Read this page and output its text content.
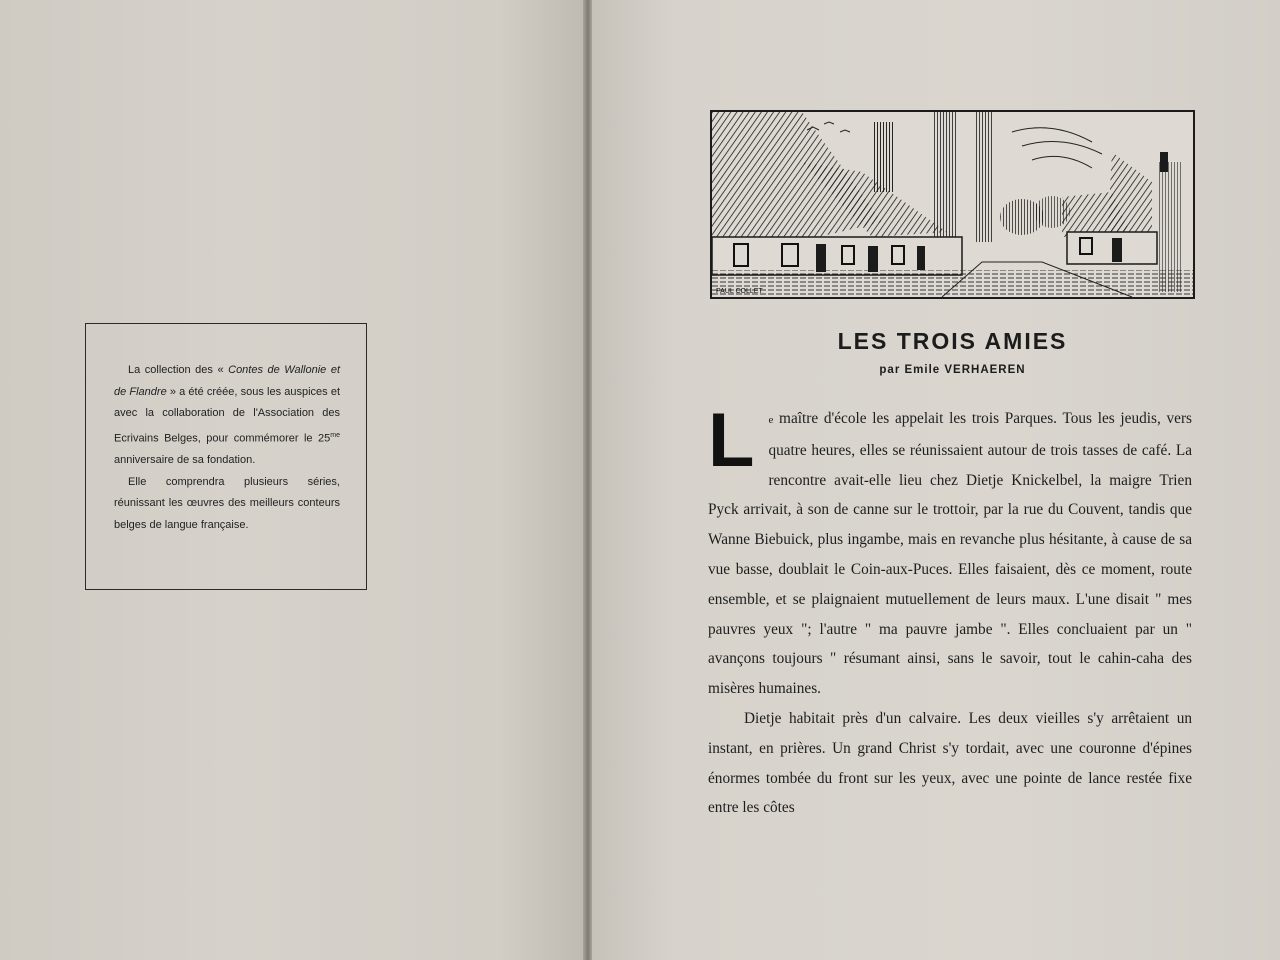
La collection des « Contes de Wallonie et de Flandre » a été créée, sous les auspices et avec la collaboration de l'Association des Ecrivains Belges, pour commémorer le $25^{me}$ anniversaire de sa fondation.

Elle comprendra plusieurs séries, réunissant les œuvres des meilleurs conteurs belges de langue française.

PAUL COLLET
LES TROIS AMIES
par Emile VERHAEREN

L e maître d'école les appelait les trois Parques. Tous les jeudis, vers quatre heures, elles se réunissaient autour de trois tasses de café. La rencontre avait-elle lieu chez Dietje Knickelbel, la maigre Trien Pyck arrivait, à son de canne sur le trottoir, par la rue du Couvent, tandis que Wanne Biebuick, plus ingambe, mais en revanche plus hésitante, à cause de sa vue basse, doublait le Coin-aux-Puces. Elles faisaient, dès ce moment, route ensemble, et se plaignaient mutuellement de leurs maux. L'une disait " mes pauvres yeux "; l'autre " ma pauvre jambe ". Elles concluaient par un " avançons toujours " résumant ainsi, sans le savoir, tout le cahin-caha des misères humaines.

Dietje habitait près d'un calvaire. Les deux vieilles s'y arrêtaient un instant, en prières. Un grand Christ s'y tordait, avec une couronne d'épines énormes tombée du front sur les yeux, avec une pointe de lance restée fixe entre les côtes
